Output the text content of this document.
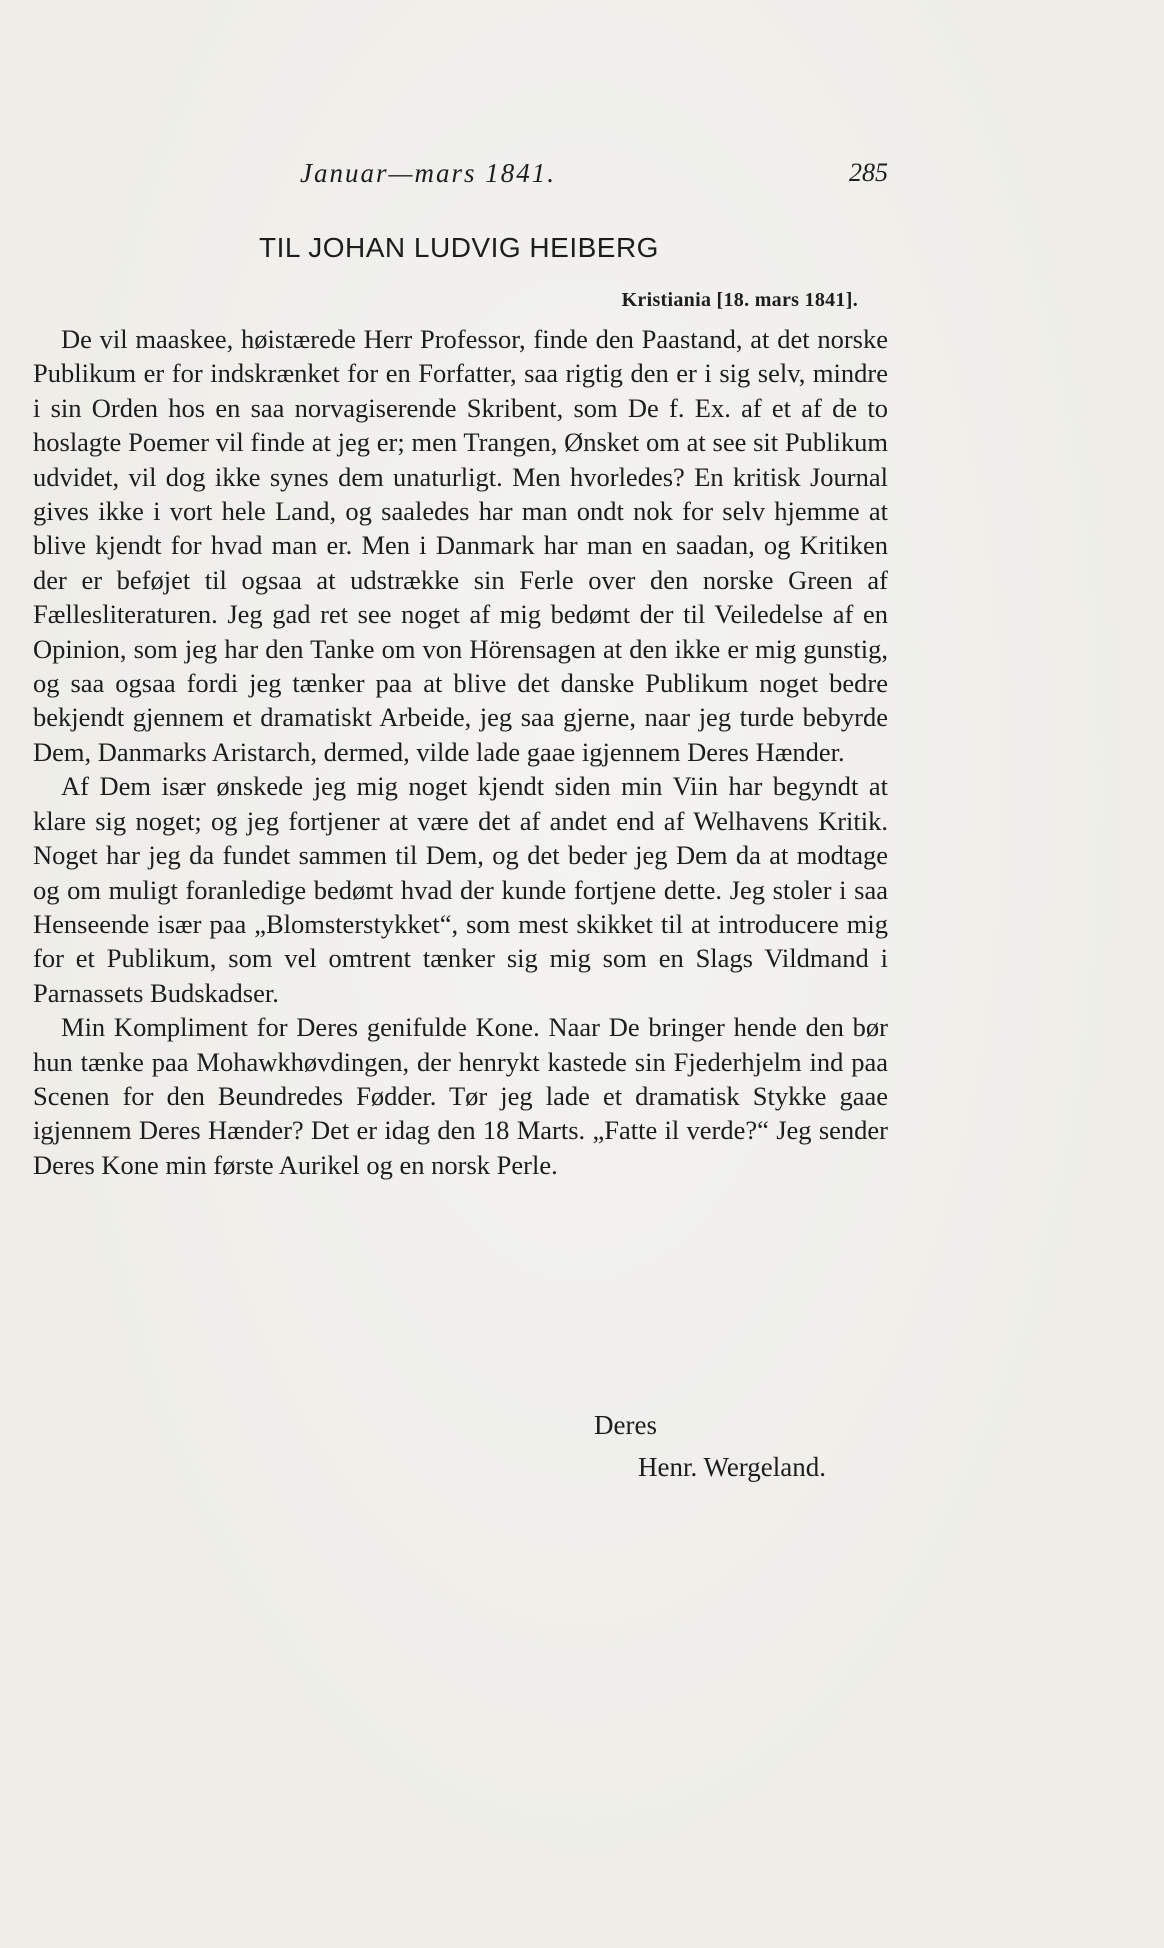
Januar—mars 1841.	285
TIL JOHAN LUDVIG HEIBERG
Kristiania [18. mars 1841].

De vil maaskee, høistærede Herr Professor, finde den Paastand, at det norske Publikum er for indskrænket for en Forfatter, saa rigtig den er i sig selv, mindre i sin Orden hos en saa norvagiserende Skribent, som De f. Ex. af et af de to hoslagte Poemer vil finde at jeg er; men Trangen, Ønsket om at see sit Publikum udvidet, vil dog ikke synes dem unaturligt. Men hvorledes? En kritisk Journal gives ikke i vort hele Land, og saaledes har man ondt nok for selv hjemme at blive kjendt for hvad man er. Men i Danmark har man en saadan, og Kritiken der er beføjet til ogsaa at udstrække sin Ferle over den norske Green af Fællesliteraturen. Jeg gad ret see noget af mig bedømt der til Veiledelse af en Opinion, som jeg har den Tanke om von Hörensagen at den ikke er mig gunstig, og saa ogsaa fordi jeg tænker paa at blive det danske Publikum noget bedre bekjendt gjennem et dramatiskt Arbeide, jeg saa gjerne, naar jeg turde bebyrde Dem, Danmarks Aristarch, dermed, vilde lade gaae igjennem Deres Hænder.

Af Dem især ønskede jeg mig noget kjendt siden min Viin har begyndt at klare sig noget; og jeg fortjener at være det af andet end af Welhavens Kritik. Noget har jeg da fundet sammen til Dem, og det beder jeg Dem da at modtage og om muligt foranledige bedømt hvad der kunde fortjene dette. Jeg stoler i saa Henseende især paa „Blomsterstykket“, som mest skikket til at introducere mig for et Publikum, som vel omtrent tænker sig mig som en Slags Vildmand i Parnassets Budskadser.

Min Kompliment for Deres genifulde Kone. Naar De bringer hende den bør hun tænke paa Mohawkhøvdingen, der henrykt kastede sin Fjederhjelm ind paa Scenen for den Beundredes Fødder. Tør jeg lade et dramatisk Stykke gaae igjennem Deres Hænder? Det er idag den 18 Marts. „Fatte il verde?“ Jeg sender Deres Kone min første Aurikel og en norsk Perle.

Deres
Henr. Wergeland.
